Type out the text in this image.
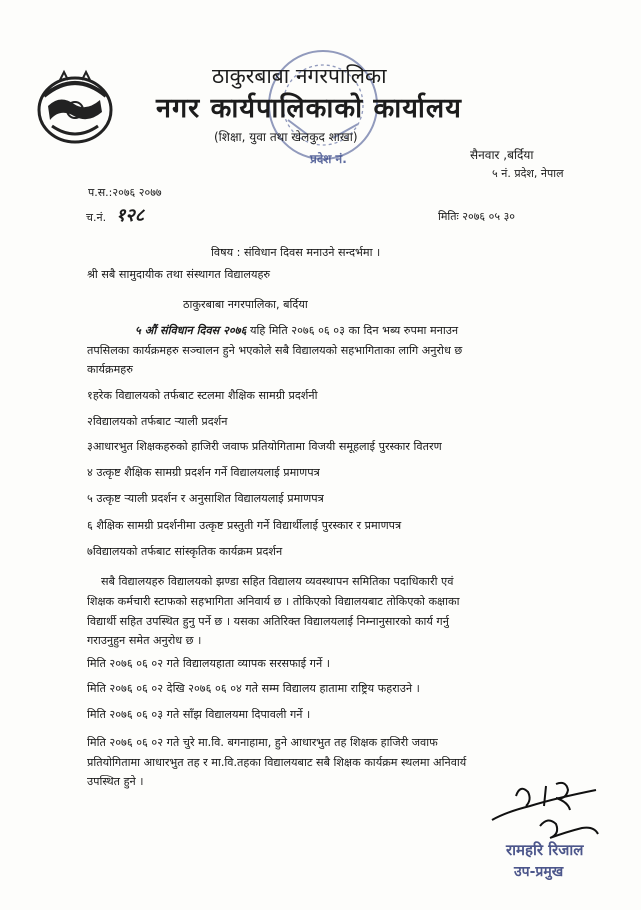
ठाकुरबाबा नगरपालिका
नगर कार्यपालिकाको कार्यालय
(शिक्षा, युवा तथा खेलकुद शाखा)
प्रदेश नं.	सैनवार ,बर्दिया
५ नं. प्रदेश, नेपाल
प.स.:२०७६ २०७७
च.नं. १२८	मितिः २०७६ ०५ ३०
विषय : संविधान दिवस मनाउने सन्दर्भमा ।
श्री सबै सामुदायीक तथा संस्थागत विद्यालयहरु
ठाकुरबाबा नगरपालिका, बर्दिया
५ औं संविधान दिवस २०७६ यहि मिति २०७६ ०६ ०३ का दिन भब्य रुपमा मनाउन
तपसिलका कार्यक्रमहरु सञ्चालन हुने भएकोले सबै विद्यालयको सहभागिताका लागि अनुरोध छ
कार्यक्रमहरु
१हरेक विद्यालयको तर्फबाट स्टलमा शैक्षिक सामग्री प्रदर्शनी
२विद्यालयको तर्फबाट र्‍याली प्रदर्शन
३आधारभुत शिक्षकहरुको हाजिरी जवाफ प्रतियोगितामा विजयी समूहलाई पुरस्कार वितरण
४ उत्कृष्ट शैक्षिक सामग्री प्रदर्शन गर्ने विद्यालयलाई प्रमाणपत्र
५ उत्कृष्ट र्‍याली प्रदर्शन र अनुसाशित विद्यालयलाई प्रमाणपत्र
६ शैक्षिक सामग्री प्रदर्शनीमा उत्कृष्ट प्रस्तुती गर्ने विद्यार्थीलाई पुरस्कार र प्रमाणपत्र
७विद्यालयको तर्फबाट सांस्कृतिक कार्यक्रम प्रदर्शन
सबै विद्यालयहरु विद्यालयको झण्डा सहित विद्यालय व्यवस्थापन समितिका पदाधिकारी एवं
शिक्षक कर्मचारी स्टाफको सहभागिता अनिवार्य छ । तोकिएको विद्यालयबाट तोकिएको कक्षाका
विद्यार्थी सहित उपस्थित हुनु पर्ने छ । यसका अतिरिक्त विद्यालयलाई निम्नानुसारको कार्य गर्नु
गराउनुहुन समेत अनुरोध छ ।
मिति २०७६ ०६ ०२ गते विद्यालयहाता व्यापक सरसफाई गर्ने ।
मिति २०७६ ०६ ०२ देखि २०७६ ०६ ०४ गते सम्म विद्यालय हातामा राष्ट्रिय फहराउने ।
मिति २०७६ ०६ ०३ गते साँझ विद्यालयमा दिपावली गर्ने ।
मिति २०७६ ०६ ०२ गते चुरे मा.वि. बगनाहामा, हुने आधारभुत तह शिक्षक हाजिरी जवाफ
प्रतियोगितामा आधारभुत तह र मा.वि.तहका विद्यालयबाट सबै शिक्षक कार्यक्रम स्थलमा अनिवार्य
उपस्थित हुने ।
रामहरि रिजाल
उप-प्रमुख
